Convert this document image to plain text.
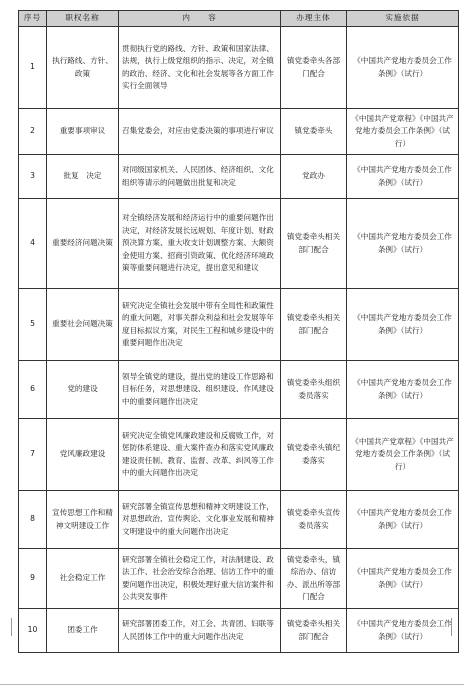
序号	职权名称	内　　容	办理主体	实施依据
1	执行路线、方针、政策	贯彻执行党的路线、方针、政策和国家法律、法规，执行上级党组织的指示、决定，对全镇的政治、经济、文化和社会发展等各方面工作实行全面领导	镇党委牵头各部门配合	《中国共产党地方委员会工作条例》（试行）
2	重要事项审议	召集党委会，对应由党委决策的事项进行审议	镇党委牵头	《中国共产党章程》《中国共产党地方委员会工作条例》（试行）
3	批复　决定	对同级国家机关、人民团体、经济组织、文化组织等请示的问题做出批复和决定	党政办	《中国共产党地方委员会工作条例》（试行）
4	重要经济问题决策	对全镇经济发展和经济运行中的重要问题作出决定，对经济发展长远规划、年度计划、财政预决算方案、重大收支计划调整方案、大额资金使用方案、招商引资政策、优化经济环境政策等重要问题进行决定，提出意见和建议	镇党委牵头相关部门配合	《中国共产党地方委员会工作条例》（试行）
5	重要社会问题决策	研究决定全镇社会发展中带有全局性和政策性的重大问题，对事关群众利益和社会发展等年度目标拟议方案，对民生工程和城乡建设中的重要问题作出决定	镇党委牵头相关部门配合	《中国共产党地方委员会工作条例》（试行）
6	党的建设	领导全镇党的建设，提出党的建设工作思路和目标任务，对思想建设、组织建设、作风建设中的重要问题作出决定	镇党委牵头组织委员落实	《中国共产党地方委员会工作条例》（试行）
7	党风廉政建设	研究决定全镇党风廉政建设和反腐败工作，对惩防体系建设、重大案件查办和落实党风廉政建设责任制、教育、监督、改革、纠风等工作中的重大问题作出决定	镇党委牵头镇纪委落实	《中国共产党章程》《中国共产党地方委员会工作条例》（试行）
8	宣传思想工作和精神文明建设工作	研究部署全镇宣传思想和精神文明建设工作，对思想政治、宣传舆论、文化事业发展和精神文明建设中的重大问题作出决定	镇党委牵头宣传委员落实	《中国共产党地方委员会工作条例》（试行）
9	社会稳定工作	研究部署全镇社会稳定工作，对法制建设、政法工作、社会治安综合治理、信访工作中的重要问题作出决定，积极处理好重大信访案件和公共突发事件	镇党委牵头，镇综治办、信访办、派出所等部门配合	《中国共产党地方委员会工作条例》（试行）
10	团委工作	研究部署团委工作，对工会、共青团、妇联等人民团体工作中的重大问题作出决定	镇党委牵头相关部门配合	《中国共产党地方委员会工作条例》（试行）
